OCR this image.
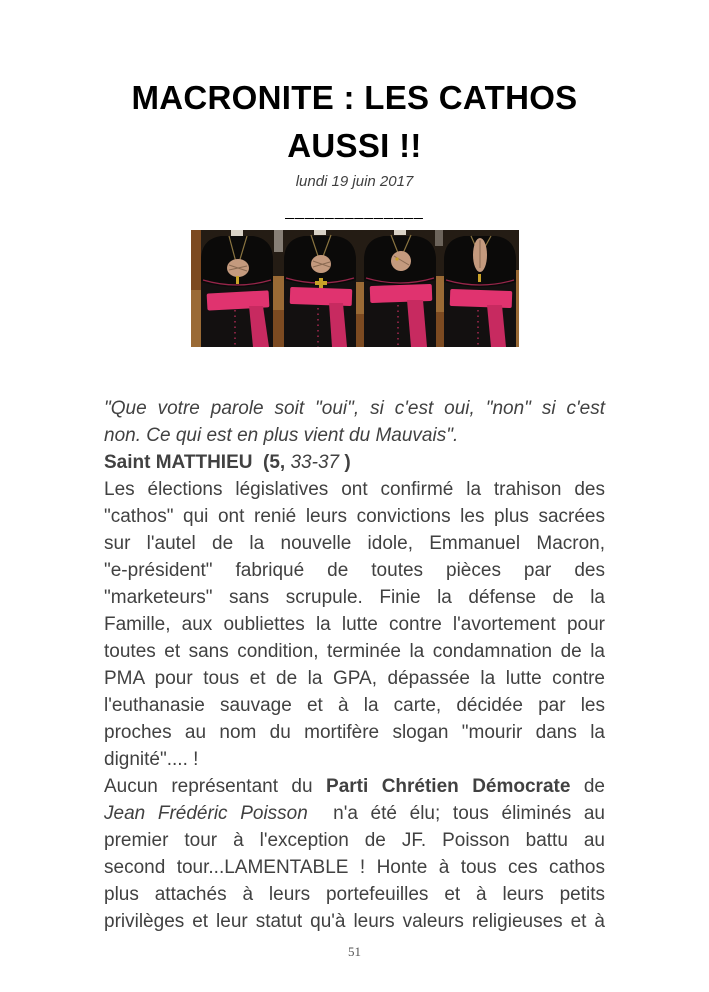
MACRONITE : LES CATHOS
AUSSI !!
lundi 19 juin 2017
______________
"Que votre parole soit "oui", si c'est oui, "non" si c'est
non. Ce qui est en plus vient du Mauvais".
Saint MATTHIEU  (5, 33-37 )
Les élections législatives ont confirmé la trahison des
"cathos" qui ont renié leurs convictions les plus sacrées
sur l'autel de la nouvelle idole, Emmanuel Macron,
"e-président" fabriqué de toutes pièces par des
"marketeurs" sans scrupule. Finie la défense de la
Famille, aux oubliettes la lutte contre l'avortement pour
toutes et sans condition, terminée la condamnation de la
PMA pour tous et de la GPA, dépassée la lutte contre
l'euthanasie sauvage et à la carte, décidée par les
proches au nom du mortifère slogan "mourir dans la
dignité".... !
Aucun représentant du Parti Chrétien Démocrate de
Jean Frédéric Poisson  n'a été élu; tous éliminés au
premier tour à l'exception de JF. Poisson battu au
second tour...LAMENTABLE ! Honte à tous ces cathos
plus attachés à leurs portefeuilles et à leurs petits
privilèges et leur statut qu'à leurs valeurs religieuses et à
51
